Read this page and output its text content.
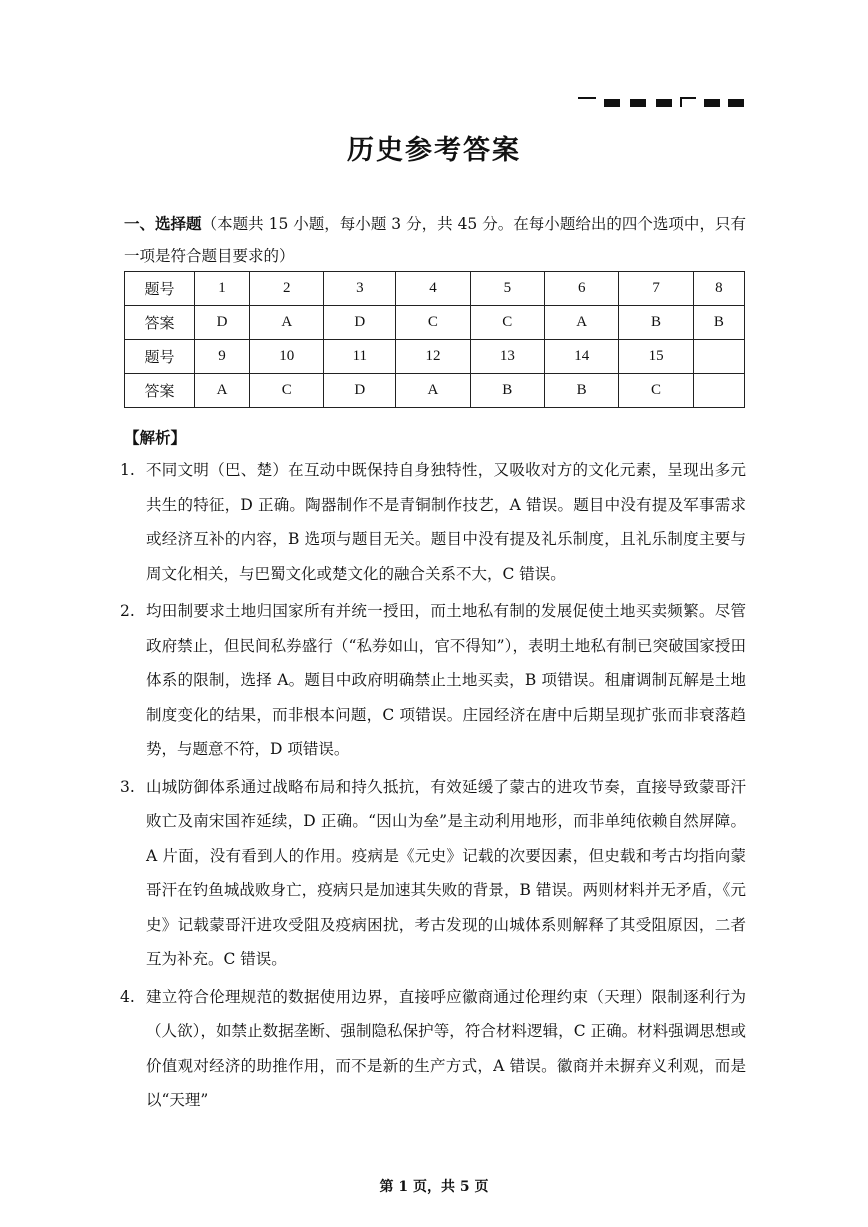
历史参考答案
一、选择题（本题共 15 小题，每小题 3 分，共 45 分。在每小题给出的四个选项中，只有一项是符合题目要求的）
题号	1	2	3	4	5	6	7	8
答案	D	A	D	C	C	A	B	B
题号	9	10	11	12	13	14	15	
答案	A	C	D	A	B	B	C	
【解析】
1. 不同文明（巴、楚）在互动中既保持自身独特性，又吸收对方的文化元素，呈现出多元共生的特征，D 正确。陶器制作不是青铜制作技艺，A 错误。题目中没有提及军事需求或经济互补的内容，B 选项与题目无关。题目中没有提及礼乐制度，且礼乐制度主要与周文化相关，与巴蜀文化或楚文化的融合关系不大，C 错误。
2. 均田制要求土地归国家所有并统一授田，而土地私有制的发展促使土地买卖频繁。尽管政府禁止，但民间私券盛行（“私券如山，官不得知”），表明土地私有制已突破国家授田体系的限制，选择 A。题目中政府明确禁止土地买卖，B 项错误。租庸调制瓦解是土地制度变化的结果，而非根本问题，C 项错误。庄园经济在唐中后期呈现扩张而非衰落趋势，与题意不符，D 项错误。
3. 山城防御体系通过战略布局和持久抵抗，有效延缓了蒙古的进攻节奏，直接导致蒙哥汗败亡及南宋国祚延续，D 正确。“因山为垒”是主动利用地形，而非单纯依赖自然屏障。A 片面，没有看到人的作用。疫病是《元史》记载的次要因素，但史载和考古均指向蒙哥汗在钓鱼城战败身亡，疫病只是加速其失败的背景，B 错误。两则材料并无矛盾，《元史》记载蒙哥汗进攻受阻及疫病困扰，考古发现的山城体系则解释了其受阻原因，二者互为补充。C 错误。
4. 建立符合伦理规范的数据使用边界，直接呼应徽商通过伦理约束（天理）限制逐利行为（人欲），如禁止数据垄断、强制隐私保护等，符合材料逻辑，C 正确。材料强调思想或价值观对经济的助推作用，而不是新的生产方式，A 错误。徽商并未摒弃义利观，而是以“天理”
第 1 页，共 5 页
